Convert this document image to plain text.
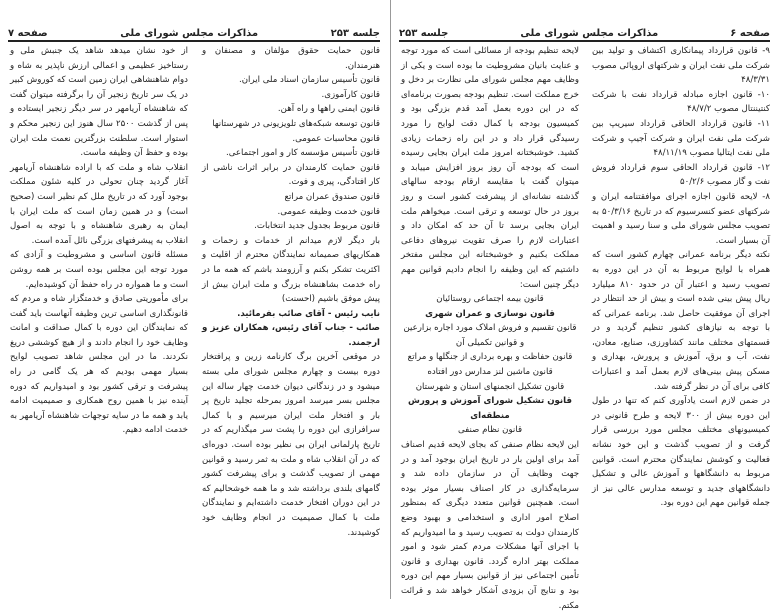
جلسه ۲۵۳
مذاکرات مجلس شورای ملی
صفحه ۷

قانون حمایت حقوق مؤلفان و مصنفان و هنرمندان.

قانون تأسیس سازمان اسناد ملی ایران.

قانون کارآموزی.

قانون ایمنی راهها و راه آهن.

قانون توسعه شبکه‌های تلویزیونی در شهرستانها

قانون محاسبات عمومی.

قانون تأسیس مؤسسه کار و امور اجتماعی.

قانون حمایت کارمندان در برابر اثرات ناشی از کار افتادگی، پیری و فوت.

قانون صندوق عمران مراتع

قانون خدمت وظیفه عمومی.

قانون مربوط بجدول جدید انتخابات.

بار دیگر لازم میدانم از خدمات و زحمات و همکاریهای صمیمانه نمایندگان محترم از اقلیت و اکثریت تشکر بکنم و آرزومند باشم که همه ما در راه خدمت بشاهنشاه بزرگ و ملت ایران بیش از پیش موفق باشیم (احسنت)

نایب رئیس - آقای صائب بفرمائید.

صائب - جناب آقای رئیس، همکاران عزیز و ارجمند.

در موقعی آخرین برگ کارنامه زرین و پرافتخار دوره بیست و چهارم مجلس شورای ملی بسته میشود و در زندگانی دیوان خدمت چهار ساله این مجلس بسر میرسد امروز بمرحله تجلید تاریخ پر بار و افتخار ملت ایران میرسیم و با کمال سرافرازی این دوره را پشت سر میگذاریم که در تاریخ پارلمانی ایران بی نظیر بوده است. دوره‌ای که در آن انقلاب شاه و ملت به ثمر رسید و قوانین مهمی از تصویب گذشت و برای پیشرفت کشور گامهای بلندی برداشته شد و ما همه خوشحالیم که در این دوران افتخار خدمت داشته‌ایم و نمایندگان ملت با کمال صمیمیت در انجام وظایف خود کوشیدند.

از خود نشان میدهد شاهد یک جنبش ملی و رستاخیز عظیمی و اعمالی ارزش ناپذیر به شاه و دوام شاهنشاهی ایران زمین است که کوروش کبیر در یک سر تاریخ زنجیر آن را برگرفته میتوان گفت که شاهنشاه آریامهر در سر دیگر زنجیر ایستاده و پس از گذشت ۲۵۰۰ سال هنوز این زنجیر محکم و استوار است. سلطنت بزرگترین نعمت ملت ایران بوده و حفظ آن وظیفه ماست.

انقلاب شاه و ملت که با اراده شاهنشاه آریامهر آغاز گردید چنان تحولی در کلیه شئون مملکت بوجود آورد که در تاریخ ملل کم نظیر است (صحیح است) و در همین زمان است که ملت ایران با ایمان به رهبری شاهنشاه و با توجه به اصول انقلاب به پیشرفتهای بزرگی نائل آمده است.

مسئله قانون اساسی و مشروطیت و آزادی که مورد توجه این مجلس بوده است بر همه روشن است و ما همواره در راه حفظ آن کوشیده‌ایم.

برای مأموریتی صادق و خدمتگزار شاه و مردم که قانونگذاری اساسی ترین وظیفه آنهاست باید گفت که نمایندگان این دوره با کمال صداقت و امانت وظایف خود را انجام دادند و از هیچ کوششی دریغ نکردند. ما در این مجلس شاهد تصویب لوایح بسیار مهمی بودیم که هر یک گامی در راه پیشرفت و ترقی کشور بود و امیدواریم که دوره آینده نیز با همین روح همکاری و صمیمیت ادامه یابد و همه ما در سایه توجهات شاهنشاه آریامهر به خدمت ادامه دهیم.

صفحه ۶
مذاکرات مجلس شورای ملی
جلسه ۲۵۳

۹- قانون قرارداد پیمانکاری اکتشاف و تولید بین شرکت ملی نفت ایران و شرکتهای اروپائی مصوب ۴۸/۳/۳۱

۱۰- قانون اجازه مبادله قرارداد نفت با شرکت کنتیننتال مصوب ۴۸/۷/۲

۱۱- قانون قرارداد الحاقی قرارداد سیریپ بین شرکت ملی نفت ایران و شرکت آجیپ و شرکت ملی نفت ایتالیا مصوب ۴۸/۱۱/۱۹

۱۲- قانون قرارداد الحاقی سوم قرارداد فروش نفت و گاز مصوب ۵۰/۲/۶

۸- لایحه قانون اجازه اجرای موافقتنامه ایران و شرکتهای عضو کنسرسیوم که در تاریخ ۵۰/۳/۱۶ به تصویب مجلس شورای ملی و سنا رسید و اهمیت آن بسیار است.

نکته دیگر برنامه عمرانی چهارم کشور است که همراه با لوایح مربوط به آن در این دوره به تصویب رسید و اعتبار آن در حدود ۸۱۰ میلیارد ریال پیش بینی شده است و بیش از حد انتظار در اجرای آن موفقیت حاصل شد. برنامه عمرانی که با توجه به نیازهای کشور تنظیم گردید و در قسمتهای مختلف مانند کشاورزی، صنایع، معادن، نفت، آب و برق، آموزش و پرورش، بهداری و مسکن پیش بینی‌های لازم بعمل آمد و اعتبارات کافی برای آن در نظر گرفته شد.

در ضمن لازم است یادآوری کنم که تنها در طول این دوره بیش از ۳۰۰ لایحه و طرح قانونی در کمیسیونهای مختلف مجلس مورد بررسی قرار گرفت و از تصویب گذشت و این خود نشانه فعالیت و کوشش نمایندگان محترم است. قوانین مربوط به دانشگاهها و آموزش عالی و تشکیل دانشگاههای جدید و توسعه مدارس عالی نیز از جمله قوانین مهم این دوره بود.

لایحه تنظیم بودجه از مسائلی است که مورد توجه و عنایت بانیان مشروطیت ما بوده است و یکی از وظایف مهم مجلس شورای ملی نظارت بر دخل و خرج مملکت است. تنظیم بودجه بصورت برنامه‌ای که در این دوره بعمل آمد قدم بزرگی بود و کمیسیون بودجه با کمال دقت لوایح را مورد رسیدگی قرار داد و در این راه زحمات زیادی کشید. خوشبختانه امروز ملت ایران بجایی رسیده است که بودجه آن روز بروز افزایش مییابد و میتوان گفت با مقایسه ارقام بودجه سالهای گذشته نشانه‌ای از پیشرفت کشور است و روز بروز در حال توسعه و ترقی است. میخواهم ملت ایران بجایی برسد تا آن حد که امکان داد و اعتبارات لازم را صرف تقویت نیروهای دفاعی مملکت بکنیم و خوشبختانه این مجلس مفتخر داشتیم که این وظیفه را انجام دادیم قوانین مهم دیگر چنین است:

قانون بیمه اجتماعی روستائیان

قانون نوسازی و عمران شهری

قانون تقسیم و فروش املاک مورد اجاره بزارعین و قوانین تکمیلی آن

قانون حفاظت و بهره برداری از جنگلها و مراتع

قانون ماشین لنز مدارس دور افتاده

قانون تشکیل انجمنهای استان و شهرستان

قانون تشکیل شورای آموزش و پرورش منطقه‌ای

قانون نظام صنفی

این لایحه نظام صنفی که بجای لایحه قدیم اصناف آمد برای اولین بار در تاریخ ایران بوجود آمد و در جهت وظایف آن در سازمان داده شد و سرمایه‌گذاری در کار اصناف بسیار موثر بوده است. همچنین قوانین متعدد دیگری که بمنظور اصلاح امور اداری و استخدامی و بهبود وضع کارمندان دولت به تصویب رسید و ما امیدواریم که با اجرای آنها مشکلات مردم کمتر شود و امور مملکت بهتر اداره گردد. قانون بهداری و قانون تأمین اجتماعی نیز از قوانین بسیار مهم این دوره بود و نتایج آن بزودی آشکار خواهد شد و قرائت مکتم.
